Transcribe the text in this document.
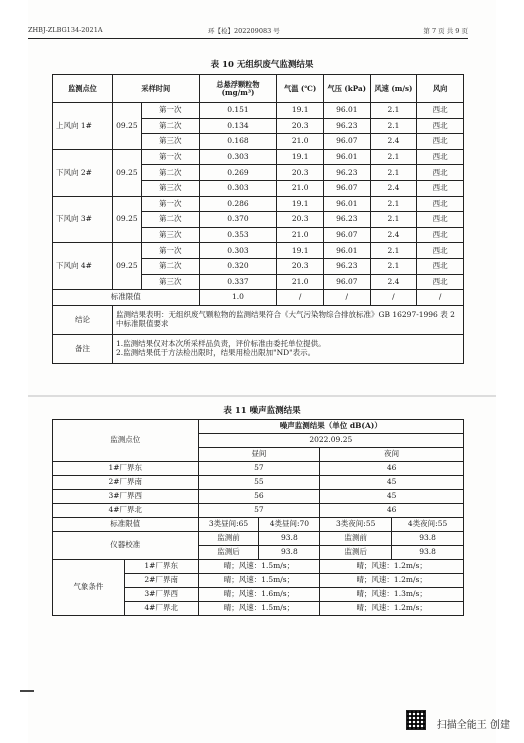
ZHBJ-ZLBG134-2021A	环【检】202209083 号	第 7 页 共 9 页
表 10 无组织废气监测结果
监测点位	采样时间		总悬浮颗粒物 (mg/m³)	气温 (℃)	气压 (kPa)	风速 (m/s)	风向
上风向 1#	09.25	第一次	0.151	19.1	96.01	2.1	西北
		第二次	0.134	20.3	96.23	2.1	西北
		第三次	0.168	21.0	96.07	2.4	西北
下风向 2#	09.25	第一次	0.303	19.1	96.01	2.1	西北
		第二次	0.269	20.3	96.23	2.1	西北
		第三次	0.303	21.0	96.07	2.4	西北
下风向 3#	09.25	第一次	0.286	19.1	96.01	2.1	西北
		第二次	0.370	20.3	96.23	2.1	西北
		第三次	0.353	21.0	96.07	2.4	西北
下风向 4#	09.25	第一次	0.303	19.1	96.01	2.1	西北
		第二次	0.320	20.3	96.23	2.1	西北
		第三次	0.337	21.0	96.07	2.4	西北
标准限值			1.0	/	/	/	/
结论	监测结果表明：无组织废气颗粒物的监测结果符合《大气污染物综合排放标准》GB 16297-1996 表 2 中标准限值要求						
备注	1.监测结果仅对本次所采样品负责，评价标准由委托单位提供。
2.监测结果低于方法检出限时，结果用检出限加"ND"表示。						
表 11 噪声监测结果
监测点位		噪声监测结果（单位 dB(A)）			
		2022.09.25			
		昼间		夜间	
1#厂界东		57		46	
2#厂界南		55		45	
3#厂界西		56		45	
4#厂界北		57		46	
标准限值		3类昼间:65	4类昼间:70	3类夜间:55	4类夜间:55
仪器校准		监测前	93.8	监测前	93.8
		监测后	93.8	监测后	93.8
气象条件	1#厂界东	晴；风速：1.5m/s；		晴；风速：1.2m/s；	
	2#厂界南	晴；风速：1.5m/s；		晴；风速：1.2m/s；	
	3#厂界西	晴；风速：1.6m/s；		晴；风速：1.3m/s；	
	4#厂界北	晴；风速：1.5m/s；		晴；风速：1.2m/s；	
扫描全能王 创建
